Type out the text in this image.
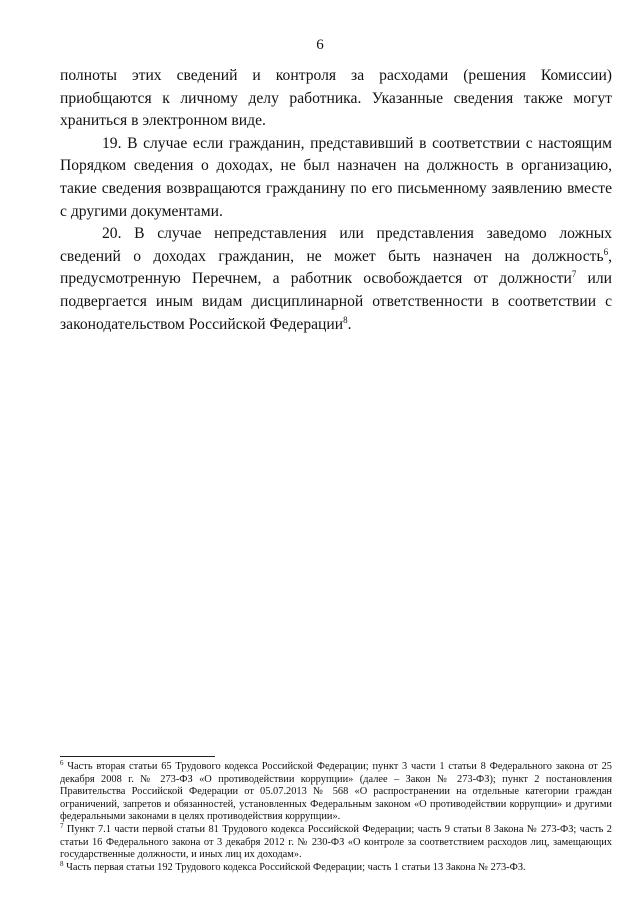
6

полноты этих сведений и контроля за расходами (решения Комиссии) приобщаются к личному делу работника. Указанные сведения также могут храниться в электронном виде.

19. В случае если гражданин, представивший в соответствии с настоящим Порядком сведения о доходах, не был назначен на должность в организацию, такие сведения возвращаются гражданину по его письменному заявлению вместе с другими документами.

20. В случае непредставления или представления заведомо ложных сведений о доходах гражданин, не может быть назначен на должность$^6$, предусмотренную Перечнем, а работник освобождается от должности$^7$ или подвергается иным видам дисциплинарной ответственности в соответствии с законодательством Российской Федерации$^8$.

$^6$ Часть вторая статьи 65 Трудового кодекса Российской Федерации; пункт 3 части 1 статьи 8 Федерального закона от 25 декабря 2008 г. № 273-ФЗ «О противодействии коррупции» (далее – Закон № 273-ФЗ); пункт 2 постановления Правительства Российской Федерации от 05.07.2013 № 568 «О распространении на отдельные категории граждан ограничений, запретов и обязанностей, установленных Федеральным законом «О противодействии коррупции» и другими федеральными законами в целях противодействия коррупции».

$^7$ Пункт 7.1 части первой статьи 81 Трудового кодекса Российской Федерации; часть 9 статьи 8 Закона № 273-ФЗ; часть 2 статьи 16 Федерального закона от 3 декабря 2012 г. № 230-ФЗ «О контроле за соответствием расходов лиц, замещающих государственные должности, и иных лиц их доходам».

$^8$ Часть первая статьи 192 Трудового кодекса Российской Федерации; часть 1 статьи 13 Закона № 273-ФЗ.
